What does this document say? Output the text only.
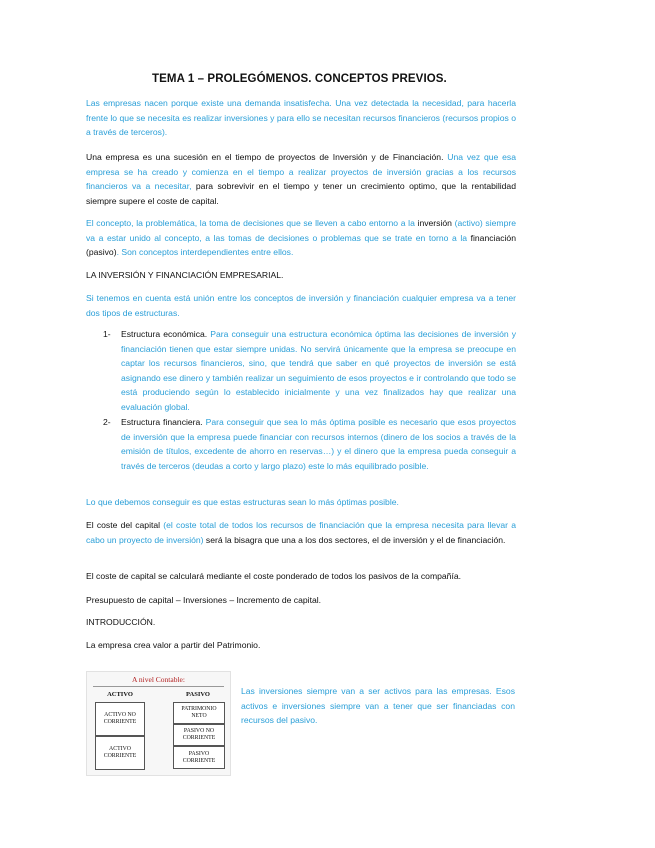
TEMA 1 – PROLEGÓMENOS. CONCEPTOS PREVIOS.

Las empresas nacen porque existe una demanda insatisfecha. Una vez detectada la necesidad, para hacerla frente lo que se necesita es realizar inversiones y para ello se necesitan recursos financieros (recursos propios o a través de terceros).

Una empresa es una sucesión en el tiempo de proyectos de Inversión y de Financiación. Una vez que esa empresa se ha creado y comienza en el tiempo a realizar proyectos de inversión gracias a los recursos financieros va a necesitar, para sobrevivir en el tiempo y tener un crecimiento optimo, que la rentabilidad siempre supere el coste de capital.

El concepto, la problemática, la toma de decisiones que se lleven a cabo entorno a la inversión (activo) siempre va a estar unido al concepto, a las tomas de decisiones o problemas que se trate en torno a la financiación (pasivo). Son conceptos interdependientes entre ellos.

LA INVERSIÓN Y FINANCIACIÓN EMPRESARIAL.

Si tenemos en cuenta está unión entre los conceptos de inversión y financiación cualquier empresa va a tener dos tipos de estructuras.

1- Estructura económica. Para conseguir una estructura económica óptima las decisiones de inversión y financiación tienen que estar siempre unidas. No servirá únicamente que la empresa se preocupe en captar los recursos financieros, sino, que tendrá que saber en qué proyectos de inversión se está asignando ese dinero y también realizar un seguimiento de esos proyectos e ir controlando que todo se está produciendo según lo establecido inicialmente y una vez finalizados hay que realizar una evaluación global.

2- Estructura financiera. Para conseguir que sea lo más óptima posible es necesario que esos proyectos de inversión que la empresa puede financiar con recursos internos (dinero de los socios a través de la emisión de títulos, excedente de ahorro en reservas…) y el dinero que la empresa pueda conseguir a través de terceros (deudas a corto y largo plazo) este lo más equilibrado posible.

Lo que debemos conseguir es que estas estructuras sean lo más óptimas posible.

El coste del capital (el coste total de todos los recursos de financiación que la empresa necesita para llevar a cabo un proyecto de inversión) será la bisagra que una a los dos sectores, el de inversión y el de financiación.

El coste de capital se calculará mediante el coste ponderado de todos los pasivos de la compañía.

Presupuesto de capital – Inversiones – Incremento de capital.

INTRODUCCIÓN.

La empresa crea valor a partir del Patrimonio.

A nivel Contable:
ACTIVO	PASIVO
ACTIVO NO CORRIENTE
ACTIVO CORRIENTE
PATRIMONIO NETO
PASIVO NO CORRIENTE
PASIVO CORRIENTE

Las inversiones siempre van a ser activos para las empresas. Esos activos e inversiones siempre van a tener que ser financiadas con recursos del pasivo.
